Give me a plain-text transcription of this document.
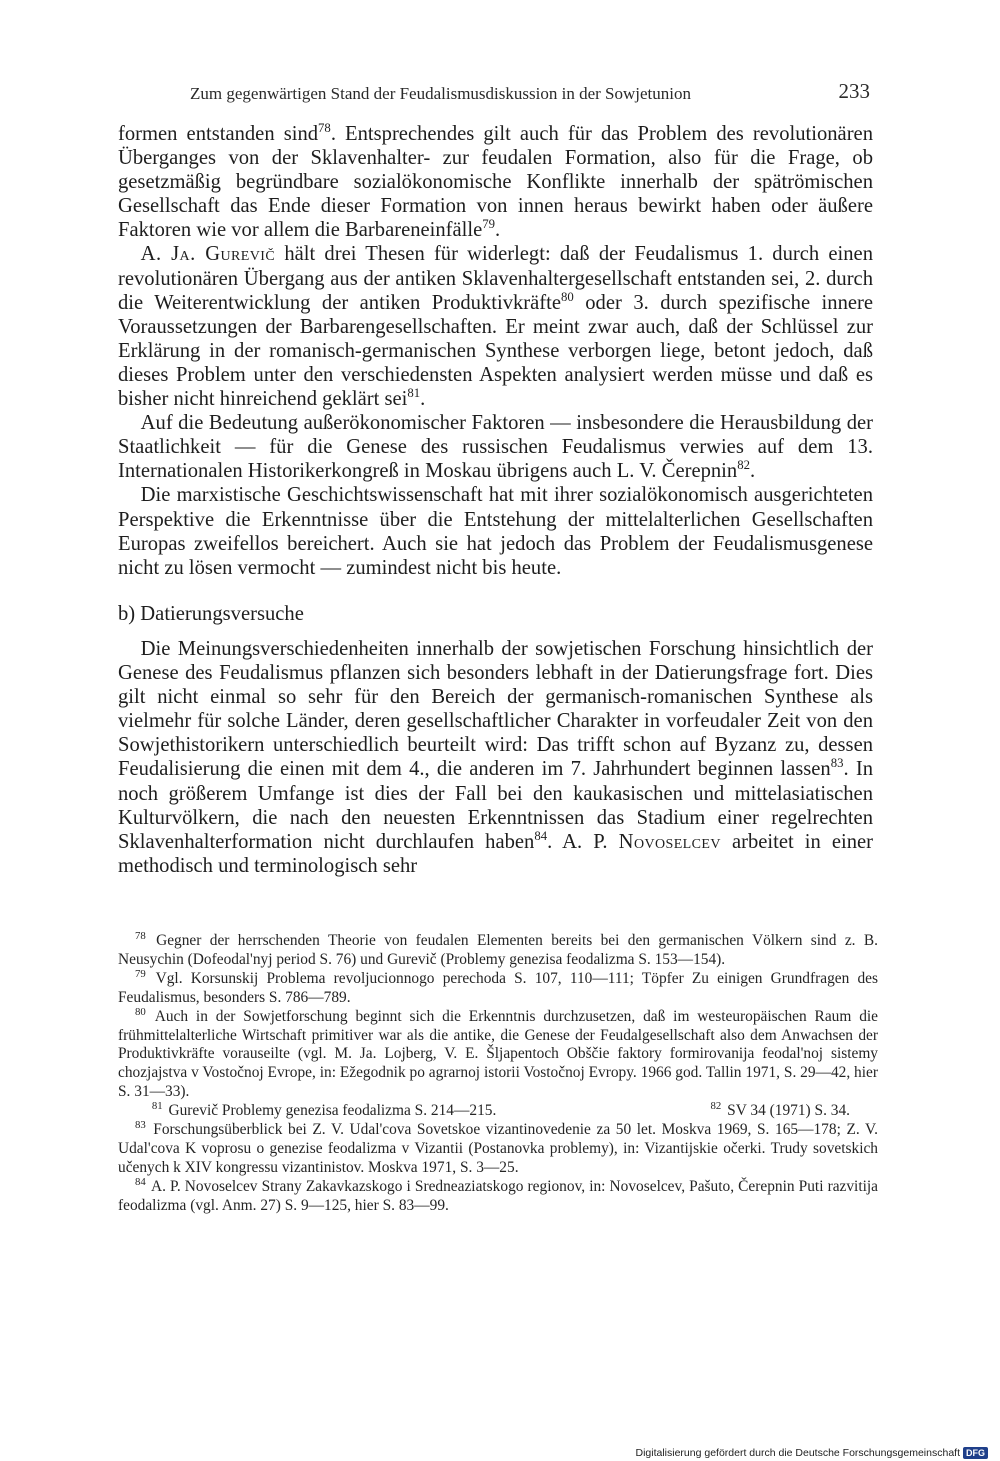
Zum gegenwärtigen Stand der Feudalismusdiskussion in der Sowjetunion	233

formen entstanden sind$^{78}$. Entsprechendes gilt auch für das Problem des revolutionären Überganges von der Sklavenhalter- zur feudalen Formation, also für die Frage, ob gesetzmäßig begründbare sozialökonomische Konflikte innerhalb der spätrömischen Gesellschaft das Ende dieser Formation von innen heraus bewirkt haben oder äußere Faktoren wie vor allem die Barbareneinfälle$^{79}$.

A. Ja. Gurevič hält drei Thesen für widerlegt: daß der Feudalismus 1. durch einen revolutionären Übergang aus der antiken Sklavenhaltergesellschaft entstanden sei, 2. durch die Weiterentwicklung der antiken Produktivkräfte$^{80}$ oder 3. durch spezifische innere Voraussetzungen der Barbarengesellschaften. Er meint zwar auch, daß der Schlüssel zur Erklärung in der romanisch-germanischen Synthese verborgen liege, betont jedoch, daß dieses Problem unter den verschiedensten Aspekten analysiert werden müsse und daß es bisher nicht hinreichend geklärt sei$^{81}$.

Auf die Bedeutung außerökonomischer Faktoren — insbesondere die Herausbildung der Staatlichkeit — für die Genese des russischen Feudalismus verwies auf dem 13. Internationalen Historikerkongreß in Moskau übrigens auch L. V. Čerepnin$^{82}$.

Die marxistische Geschichtswissenschaft hat mit ihrer sozialökonomisch ausgerichteten Perspektive die Erkenntnisse über die Entstehung der mittelalterlichen Gesellschaften Europas zweifellos bereichert. Auch sie hat jedoch das Problem der Feudalismusgenese nicht zu lösen vermocht — zumindest nicht bis heute.

b) Datierungsversuche

Die Meinungsverschiedenheiten innerhalb der sowjetischen Forschung hinsichtlich der Genese des Feudalismus pflanzen sich besonders lebhaft in der Datierungsfrage fort. Dies gilt nicht einmal so sehr für den Bereich der germanisch-romanischen Synthese als vielmehr für solche Länder, deren gesellschaftlicher Charakter in vorfeudaler Zeit von den Sowjethistorikern unterschiedlich beurteilt wird: Das trifft schon auf Byzanz zu, dessen Feudalisierung die einen mit dem 4., die anderen im 7. Jahrhundert beginnen lassen$^{83}$. In noch größerem Umfange ist dies der Fall bei den kaukasischen und mittelasiatischen Kulturvölkern, die nach den neuesten Erkenntnissen das Stadium einer regelrechten Sklavenhalterformation nicht durchlaufen haben$^{84}$. A. P. Novoselcev arbeitet in einer methodisch und terminologisch sehr

$^{78}$ Gegner der herrschenden Theorie von feudalen Elementen bereits bei den germanischen Völkern sind z. B. Neusychin (Dofeodal'nyj period S. 76) und Gurevič (Problemy genezisa feodalizma S. 153—154).

$^{79}$ Vgl. Korsunskij Problema revoljucionnogo perechoda S. 107, 110—111; Töpfer Zu einigen Grundfragen des Feudalismus, besonders S. 786—789.

$^{80}$ Auch in der Sowjetforschung beginnt sich die Erkenntnis durchzusetzen, daß im westeuropäischen Raum die frühmittelalterliche Wirtschaft primitiver war als die antike, die Genese der Feudalgesellschaft also dem Anwachsen der Produktivkräfte vorauseilte (vgl. M. Ja. Lojberg, V. E. Šljapentoch Obščie faktory formirovanija feodal'noj sistemy chozjajstva v Vostočnoj Evrope, in: Ežegodnik po agrarnoj istorii Vostočnoj Evropy. 1966 god. Tallin 1971, S. 29—42, hier S. 31—33).

$^{81}$ Gurevič Problemy genezisa feodalizma S. 214—215.	$^{82}$ SV 34 (1971) S. 34.

$^{83}$ Forschungsüberblick bei Z. V. Udal'cova Sovetskoe vizantinovedenie za 50 let. Moskva 1969, S. 165—178; Z. V. Udal'cova K voprosu o genezise feodalizma v Vizantii (Postanovka problemy), in: Vizantijskie očerki. Trudy sovetskich učenych k XIV kongressu vizantinistov. Moskva 1971, S. 3—25.

$^{84}$ A. P. Novoselcev Strany Zakavkazskogo i Sredneaziatskogo regionov, in: Novoselcev, Pašuto, Čerepnin Puti razvitija feodalizma (vgl. Anm. 27) S. 9—125, hier S. 83—99.

Digitalisierung gefördert durch die Deutsche Forschungsgemeinschaft DFG
